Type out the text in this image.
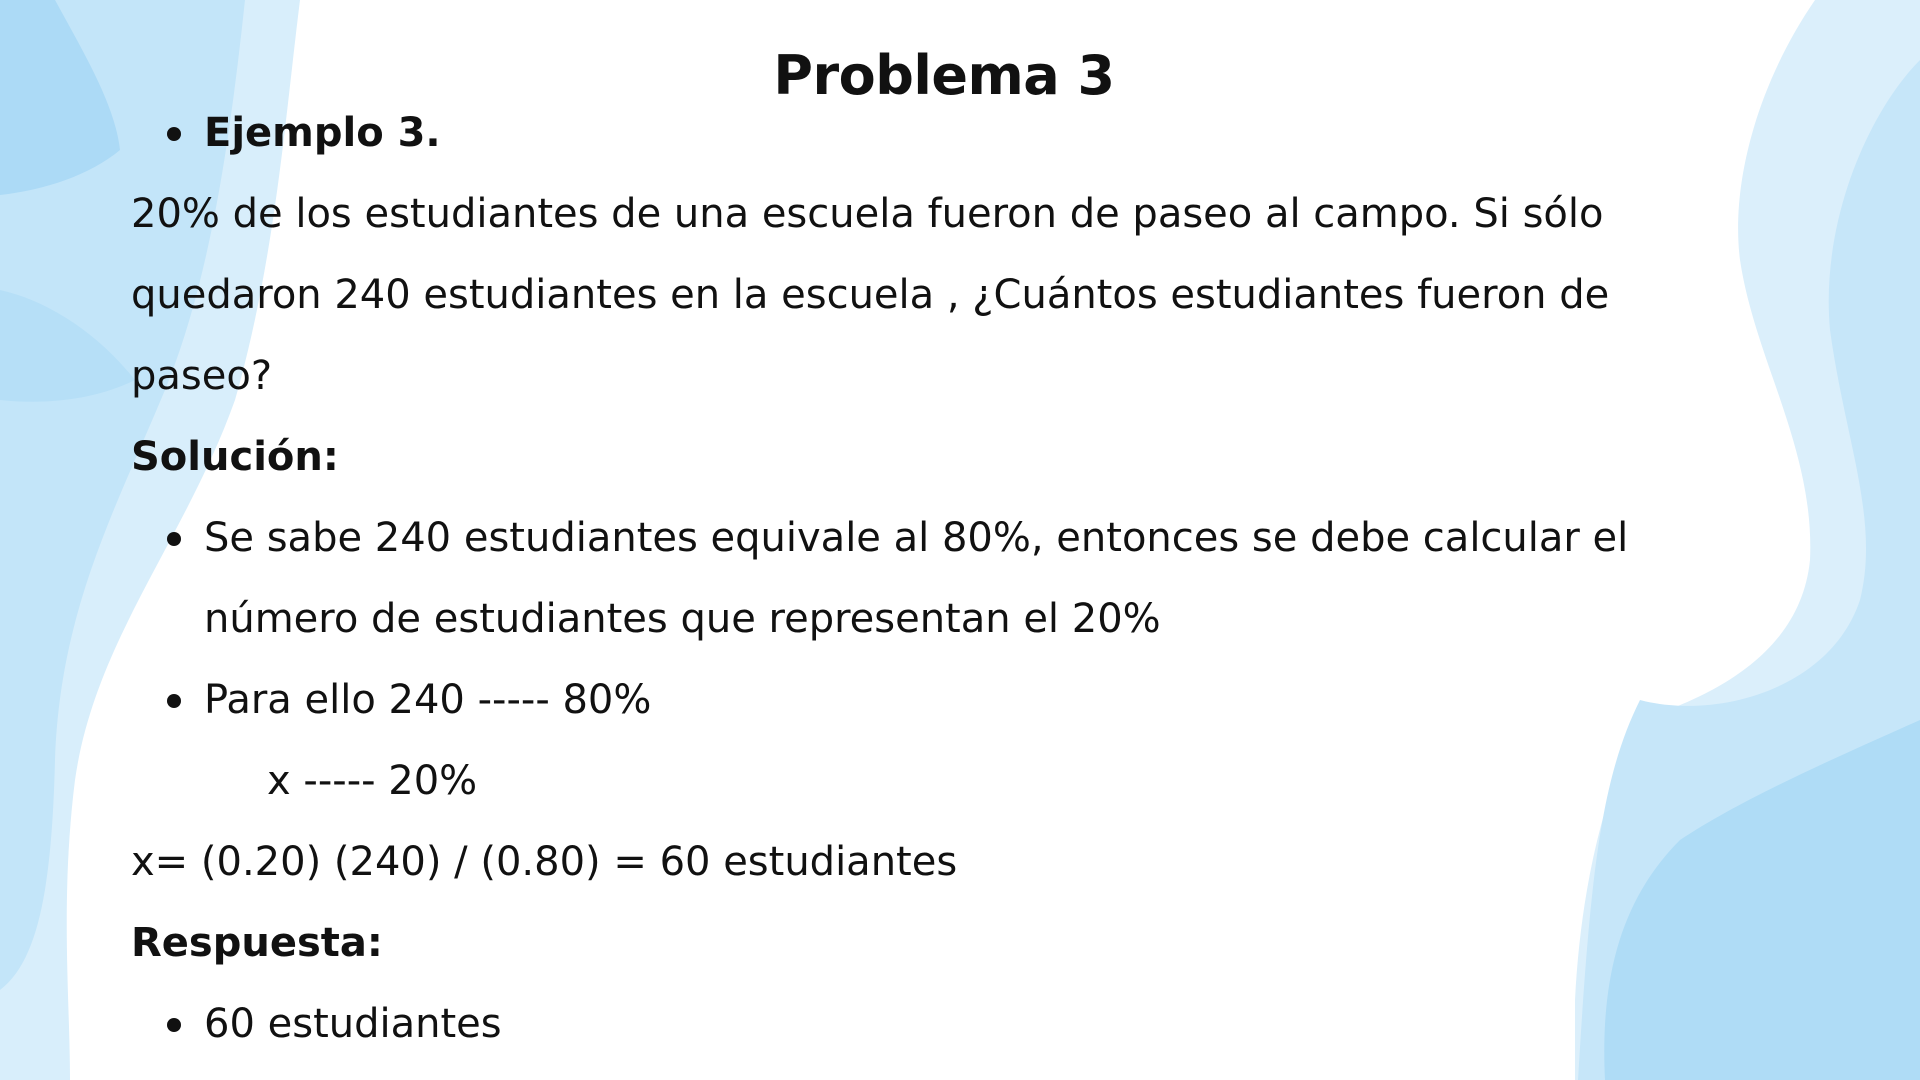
Problema 3
Ejemplo 3.
20% de los estudiantes de una escuela fueron de paseo al campo. Si sólo
quedaron 240 estudiantes en la escuela , ¿Cuántos estudiantes fueron de
paseo?
Solución:
Se sabe 240 estudiantes equivale al 80%, entonces se debe calcular el
número de estudiantes que representan el 20%
Para ello 240 ----- 80%
x ----- 20%
x= (0.20) (240) / (0.80) = 60 estudiantes
Respuesta:
60 estudiantes
